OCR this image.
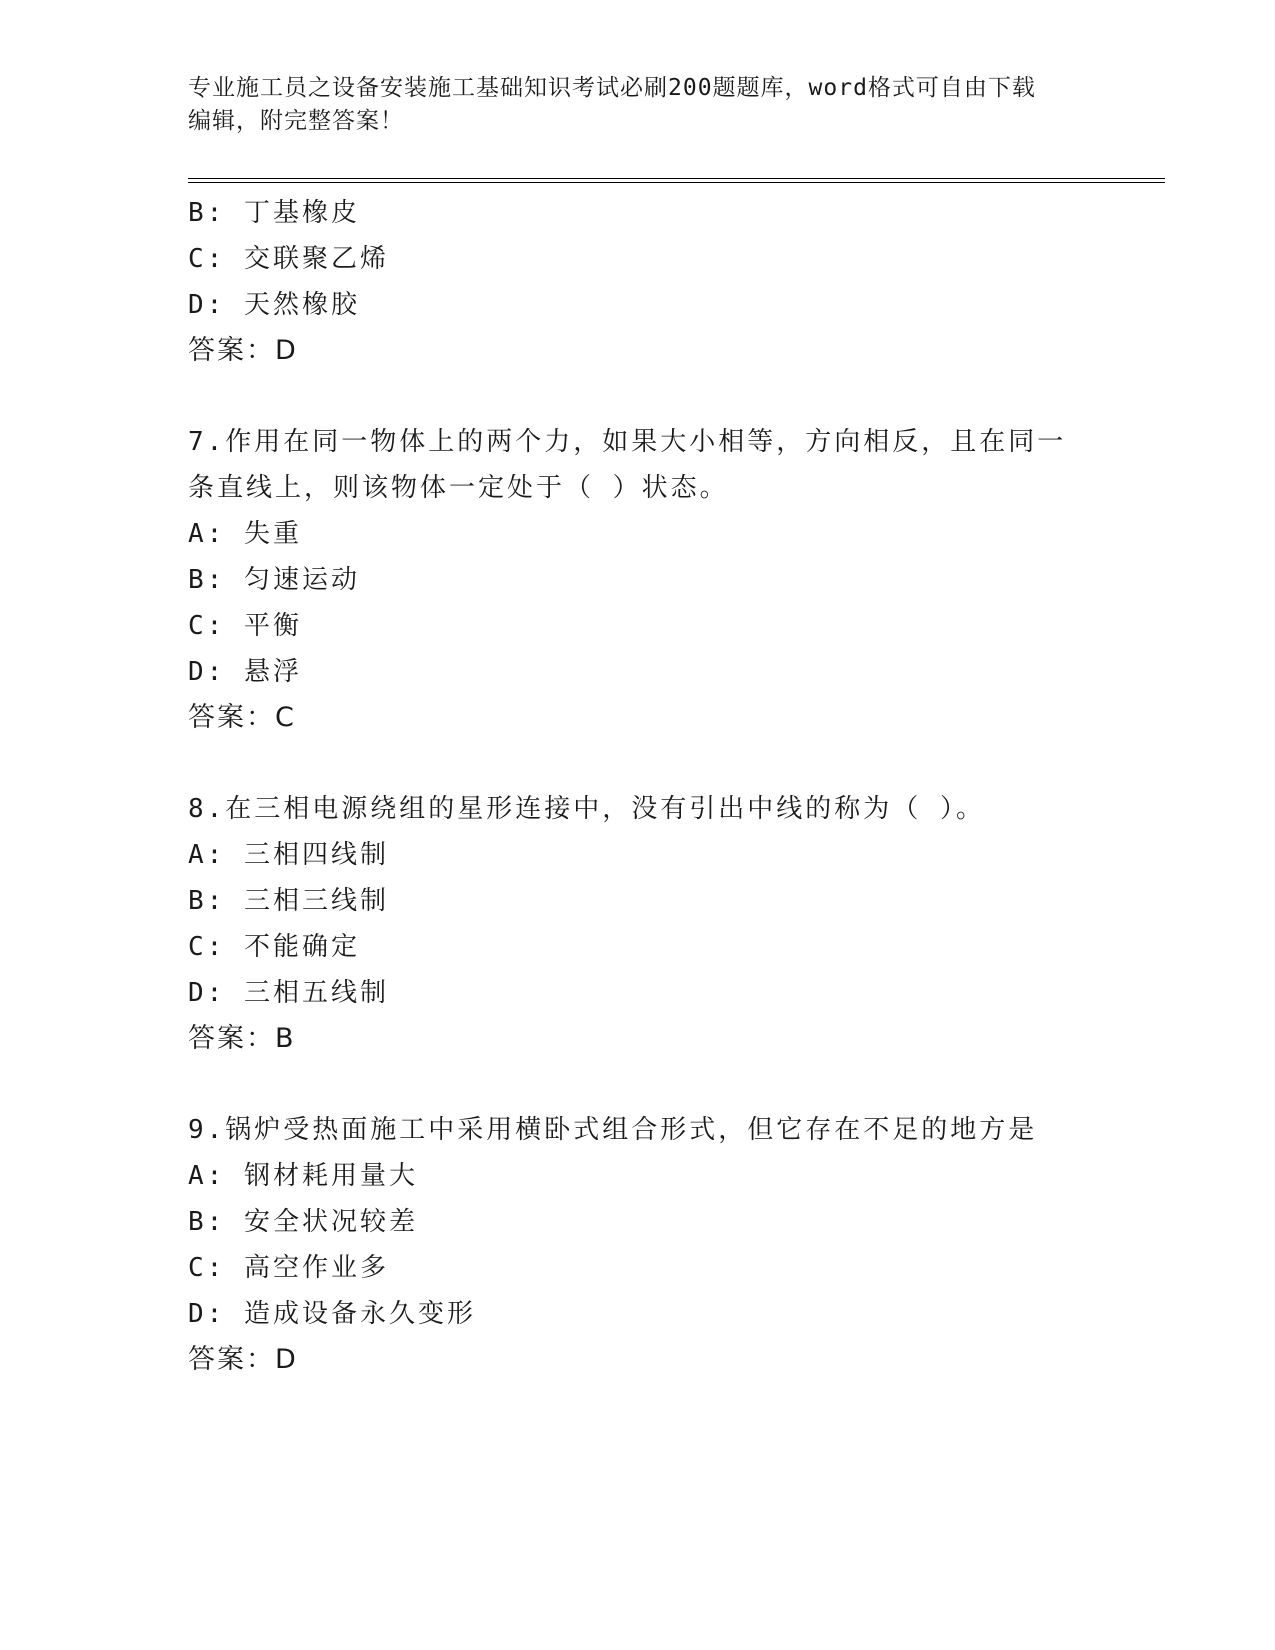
专业施工员之设备安装施工基础知识考试必刷200题题库，word格式可自由下载
编辑，附完整答案！
B: 丁基橡皮
C: 交联聚乙烯
D: 天然橡胶
答案：D
7.作用在同一物体上的两个力，如果大小相等，方向相反，且在同一
条直线上，则该物体一定处于（ ）状态。
A: 失重
B: 匀速运动
C: 平衡
D: 悬浮
答案：C
8.在三相电源绕组的星形连接中，没有引出中线的称为（ ）。
A: 三相四线制
B: 三相三线制
C: 不能确定
D: 三相五线制
答案：B
9.锅炉受热面施工中采用横卧式组合形式，但它存在不足的地方是
A: 钢材耗用量大
B: 安全状况较差
C: 高空作业多
D: 造成设备永久变形
答案：D
